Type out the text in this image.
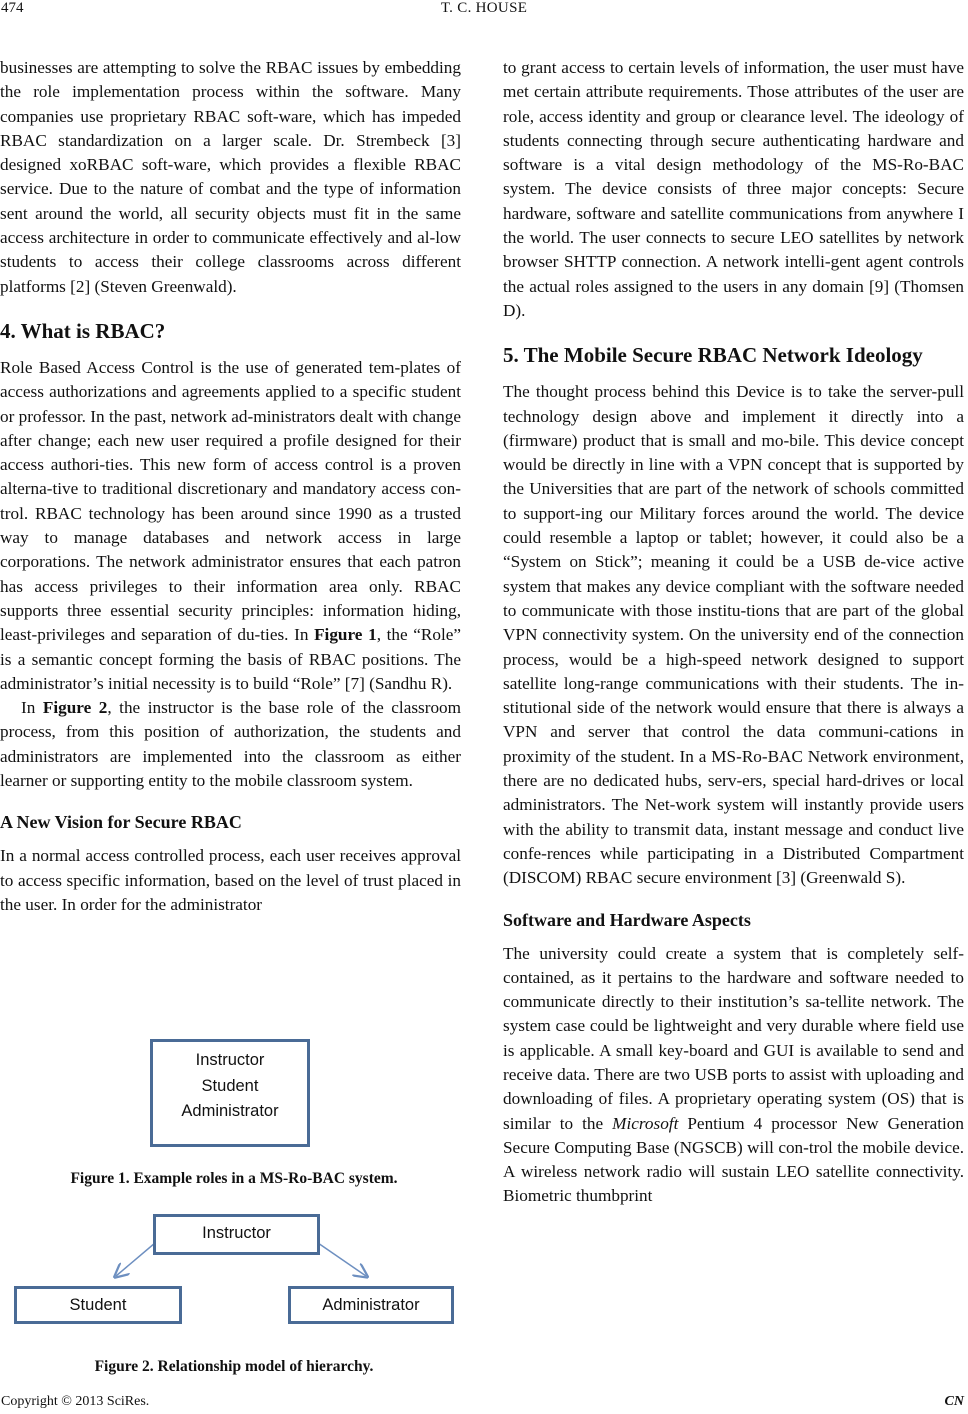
474	T. C. HOUSE

businesses are attempting to solve the RBAC issues by embedding the role implementation process within the software. Many companies use proprietary RBAC soft-ware, which has impeded RBAC standardization on a larger scale. Dr. Strembeck [3] designed xoRBAC soft-ware, which provides a flexible RBAC service. Due to the nature of combat and the type of information sent around the world, all security objects must fit in the same access architecture in order to communicate effectively and al-low students to access their college classrooms across different platforms [2] (Steven Greenwald).

4. What is RBAC?

Role Based Access Control is the use of generated tem-plates of access authorizations and agreements applied to a specific student or professor. In the past, network ad-ministrators dealt with change after change; each new user required a profile designed for their access authori-ties. This new form of access control is a proven alterna-tive to traditional discretionary and mandatory access con-trol. RBAC technology has been around since 1990 as a trusted way to manage databases and network access in large corporations. The network administrator ensures that each patron has access privileges to their information area only. RBAC supports three essential security principles: information hiding, least-privileges and separation of du-ties. In Figure 1, the “Role” is a semantic concept forming the basis of RBAC positions. The administrator’s initial necessity is to build “Role” [7] (Sandhu R).

In Figure 2, the instructor is the base role of the classroom process, from this position of authorization, the students and administrators are implemented into the classroom as either learner or supporting entity to the mobile classroom system.

A New Vision for Secure RBAC

In a normal access controlled process, each user receives approval to access specific information, based on the level of trust placed in the user. In order for the administrator

Instructor
Student
Administrator
Figure 1. Example roles in a MS-Ro-BAC system.
Instructor
Student	Administrator
Figure 2. Relationship model of hierarchy.

to grant access to certain levels of information, the user must have met certain attribute requirements. Those attributes of the user are role, access identity and group or clearance level. The ideology of students connecting through secure authenticating hardware and software is a vital design methodology of the MS-Ro-BAC system. The device consists of three major concepts: Secure hardware, software and satellite communications from anywhere I the world. The user connects to secure LEO satellites by network browser SHTTP connection. A network intelli-gent agent controls the actual roles assigned to the users in any domain [9] (Thomsen D).

5. The Mobile Secure RBAC Network Ideology

The thought process behind this Device is to take the server-pull technology design above and implement it directly into a (firmware) product that is small and mo-bile. This device concept would be directly in line with a VPN concept that is supported by the Universities that are part of the network of schools committed to support-ing our Military forces around the world. The device could resemble a laptop or tablet; however, it could also be a “System on Stick”; meaning it could be a USB de-vice active system that makes any device compliant with the software needed to communicate with those institu-tions that are part of the global VPN connectivity system. On the university end of the connection process, would be a high-speed network designed to support satellite long-range communications with their students. The in-stitutional side of the network would ensure that there is always a VPN and server that control the data communi-cations in proximity of the student. In a MS-Ro-BAC Network environment, there are no dedicated hubs, serv-ers, special hard-drives or local administrators. The Net-work system will instantly provide users with the ability to transmit data, instant message and conduct live confe-rences while participating in a Distributed Compartment (DISCOM) RBAC secure environment [3] (Greenwald S).

Software and Hardware Aspects

The university could create a system that is completely self-contained, as it pertains to the hardware and software needed to communicate directly to their institution’s sa-tellite network. The system case could be lightweight and very durable where field use is applicable. A small key-board and GUI is available to send and receive data. There are two USB ports to assist with uploading and downloading of files. A proprietary operating system (OS) that is similar to the Microsoft Pentium 4 processor New Generation Secure Computing Base (NGSCB) will con-trol the mobile device. A wireless network radio will sustain LEO satellite connectivity. Biometric thumbprint

Copyright © 2013 SciRes.	CN
